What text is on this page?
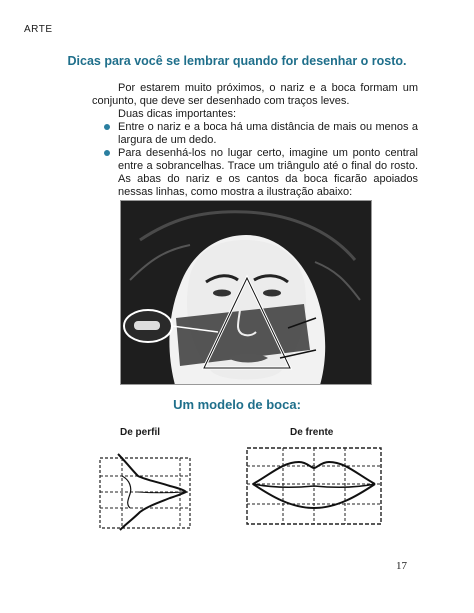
ARTE
Dicas para você se lembrar quando for desenhar o rosto.
Por estarem muito próximos, o nariz e a boca formam um conjunto, que deve ser desenhado com traços leves.
Duas dicas importantes:
Entre o nariz e a boca há uma distância de mais ou menos a largura de um dedo.
Para desenhá-los no lugar certo, imagine um ponto central entre a sobrancelhas. Trace um triângulo até o final do rosto. As abas do nariz e os cantos da boca ficarão apoiados nessas linhas, como mostra a ilustração abaixo:
Um modelo de boca:
De perfil	De frente
17
